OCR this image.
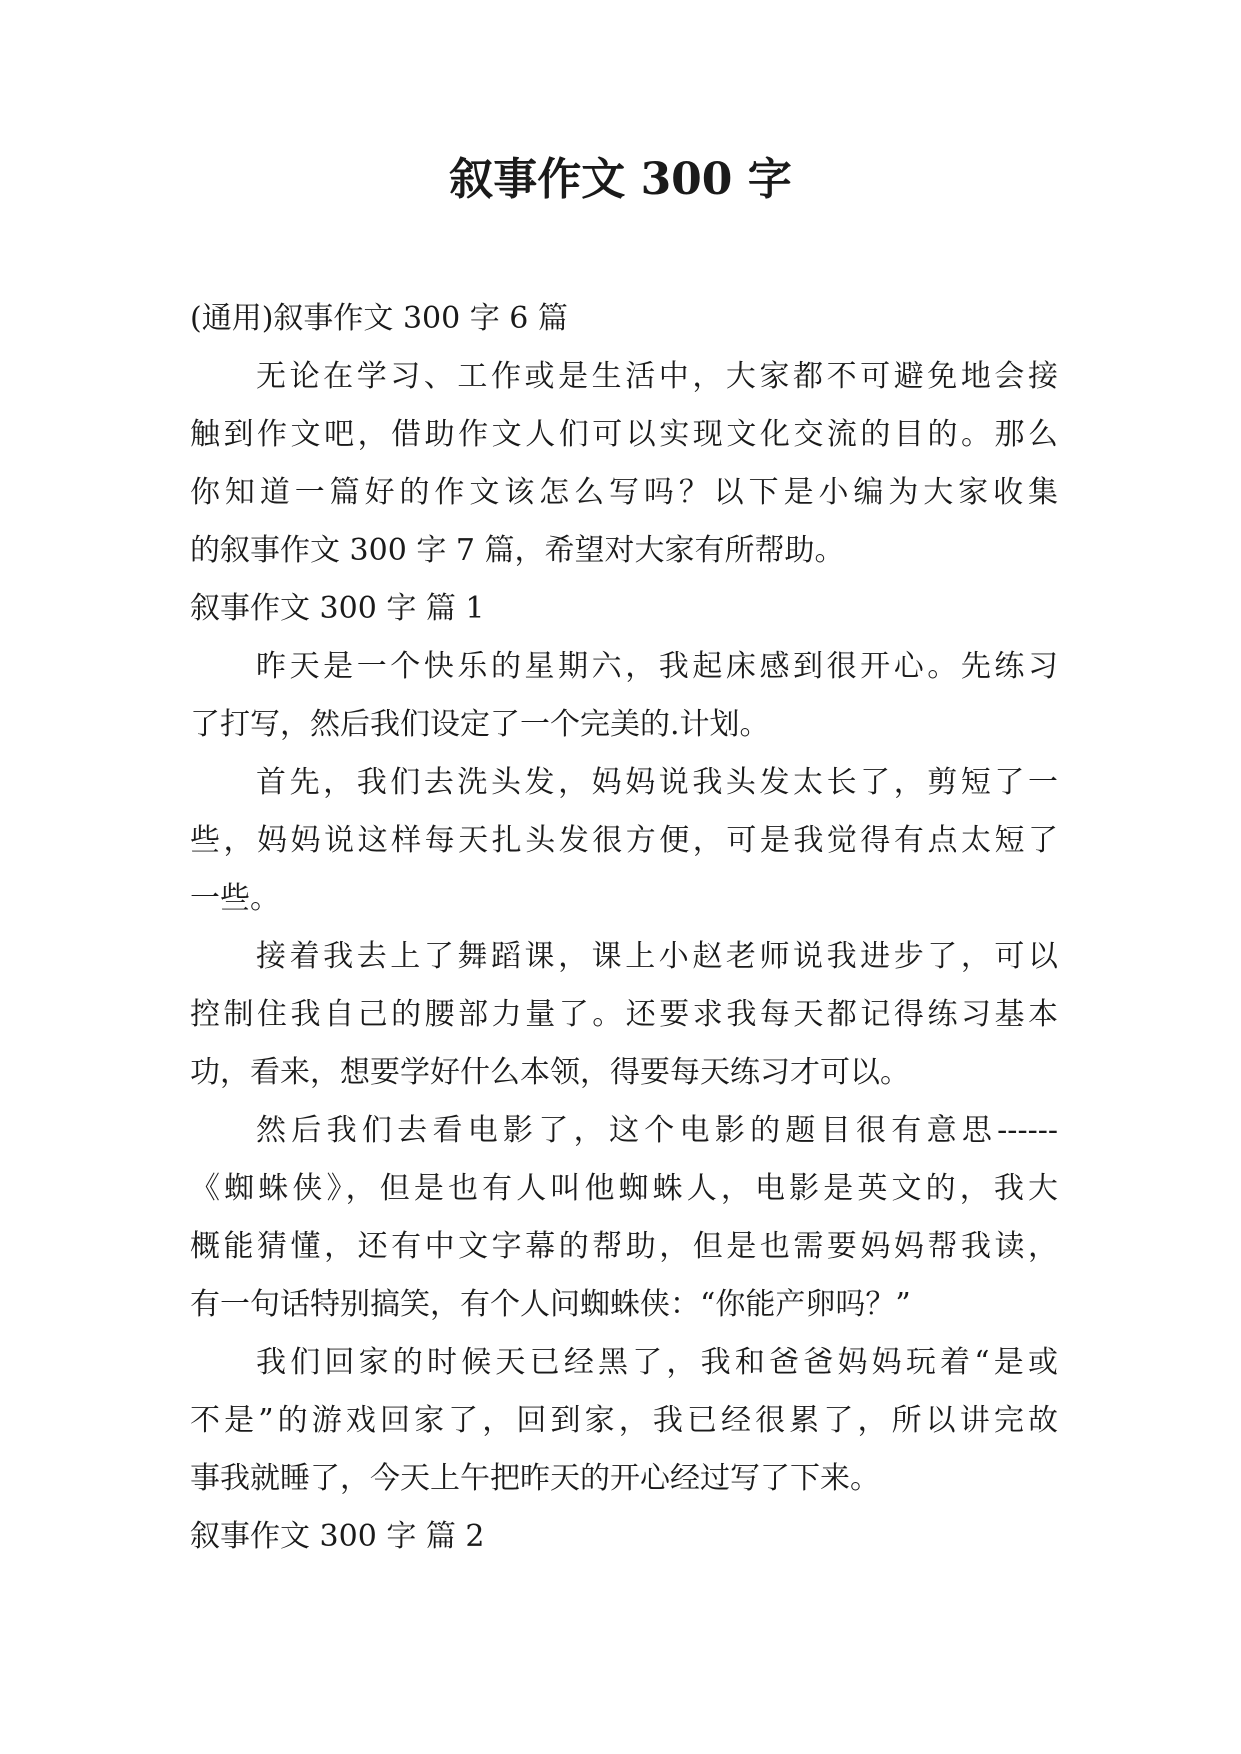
叙事作文 300 字
(通用)叙事作文 300 字 6 篇
无论在学习、工作或是生活中，大家都不可避免地会接
触到作文吧，借助作文人们可以实现文化交流的目的。那么
你知道一篇好的作文该怎么写吗？以下是小编为大家收集
的叙事作文 300 字 7 篇，希望对大家有所帮助。
叙事作文 300 字 篇 1
昨天是一个快乐的星期六，我起床感到很开心。先练习
了打写，然后我们设定了一个完美的.计划。
首先，我们去洗头发，妈妈说我头发太长了，剪短了一
些，妈妈说这样每天扎头发很方便，可是我觉得有点太短了
一些。
接着我去上了舞蹈课，课上小赵老师说我进步了，可以
控制住我自己的腰部力量了。还要求我每天都记得练习基本
功，看来，想要学好什么本领，得要每天练习才可以。
然后我们去看电影了，这个电影的题目很有意思------
《蜘蛛侠》，但是也有人叫他蜘蛛人，电影是英文的，我大
概能猜懂，还有中文字幕的帮助，但是也需要妈妈帮我读，
有一句话特别搞笑，有个人问蜘蛛侠：“你能产卵吗？”
我们回家的时候天已经黑了，我和爸爸妈妈玩着“是或
不是”的游戏回家了，回到家，我已经很累了，所以讲完故
事我就睡了，今天上午把昨天的开心经过写了下来。
叙事作文 300 字 篇 2
